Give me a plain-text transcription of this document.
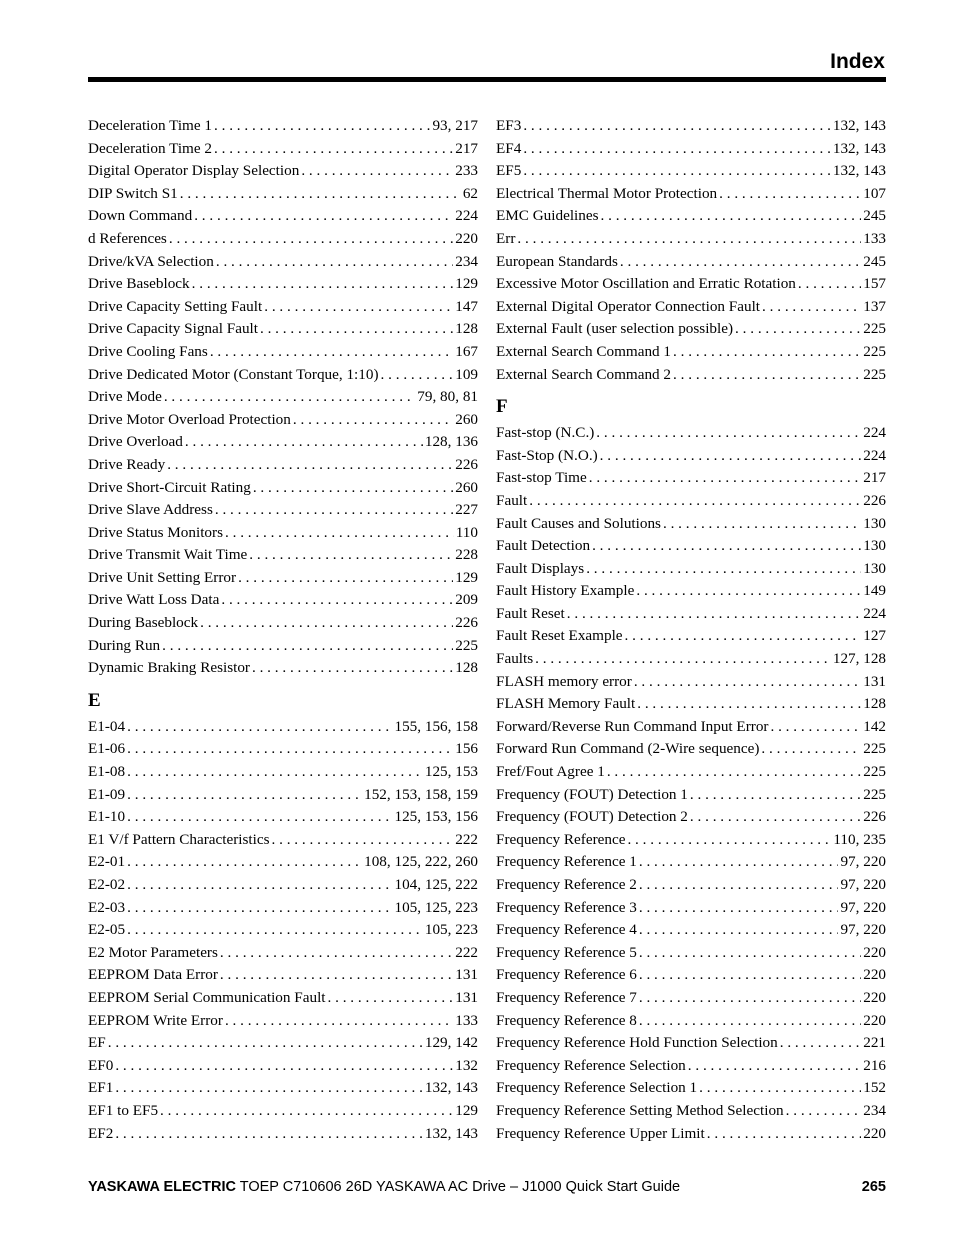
Index
Deceleration Time 1 . . .	93, 217
Deceleration Time 2 . . .	217
Digital Operator Display Selection . . .	233
DIP Switch S1 . . .	62
Down Command . . .	224
d References . . .	220
Drive/kVA Selection . . .	234
Drive Baseblock . . .	129
Drive Capacity Setting Fault . . .	147
Drive Capacity Signal Fault . . .	128
Drive Cooling Fans . . .	167
Drive Dedicated Motor (Constant Torque, 1:10) . . .	109
Drive Mode . . .	79, 80, 81
Drive Motor Overload Protection . . .	260
Drive Overload . . .	128, 136
Drive Ready . . .	226
Drive Short-Circuit Rating . . .	260
Drive Slave Address . . .	227
Drive Status Monitors . . .	110
Drive Transmit Wait Time . . .	228
Drive Unit Setting Error . . .	129
Drive Watt Loss Data . . .	209
During Baseblock . . .	226
During Run . . .	225
Dynamic Braking Resistor . . .	128
E
E1-04 . . .	155, 156, 158
E1-06 . . .	156
E1-08 . . .	125, 153
E1-09 . . .	152, 153, 158, 159
E1-10 . . .	125, 153, 156
E1 V/f Pattern Characteristics . . .	222
E2-01 . . .	108, 125, 222, 260
E2-02 . . .	104, 125, 222
E2-03 . . .	105, 125, 223
E2-05 . . .	105, 223
E2 Motor Parameters . . .	222
EEPROM Data Error . . .	131
EEPROM Serial Communication Fault . . .	131
EEPROM Write Error . . .	133
EF . . .	129, 142
EF0 . . .	132
EF1 . . .	132, 143
EF1 to EF5 . . .	129
EF2 . . .	132, 143
EF3 . . .	132, 143
EF4 . . .	132, 143
EF5 . . .	132, 143
Electrical Thermal Motor Protection . . .	107
EMC Guidelines . . .	245
Err . . .	133
European Standards . . .	245
Excessive Motor Oscillation and Erratic Rotation . . .	157
External Digital Operator Connection Fault . . .	137
External Fault (user selection possible) . . .	225
External Search Command 1 . . .	225
External Search Command 2 . . .	225
F
Fast-stop (N.C.) . . .	224
Fast-Stop (N.O.) . . .	224
Fast-stop Time . . .	217
Fault . . .	226
Fault Causes and Solutions . . .	130
Fault Detection . . .	130
Fault Displays . . .	130
Fault History Example . . .	149
Fault Reset . . .	224
Fault Reset Example . . .	127
Faults . . .	127, 128
FLASH memory error . . .	131
FLASH Memory Fault . . .	128
Forward/Reverse Run Command Input Error . . .	142
Forward Run Command (2-Wire sequence) . . .	225
Fref/Fout Agree 1 . . .	225
Frequency (FOUT) Detection 1 . . .	225
Frequency (FOUT) Detection 2 . . .	226
Frequency Reference . . .	110, 235
Frequency Reference 1 . . .	97, 220
Frequency Reference 2 . . .	97, 220
Frequency Reference 3 . . .	97, 220
Frequency Reference 4 . . .	97, 220
Frequency Reference 5 . . .	220
Frequency Reference 6 . . .	220
Frequency Reference 7 . . .	220
Frequency Reference 8 . . .	220
Frequency Reference Hold Function Selection . . .	221
Frequency Reference Selection . . .	216
Frequency Reference Selection 1 . . .	152
Frequency Reference Setting Method Selection . . .	234
Frequency Reference Upper Limit . . .	220
YASKAWA ELECTRIC TOEP C710606 26D YASKAWA AC Drive – J1000 Quick Start Guide	265
